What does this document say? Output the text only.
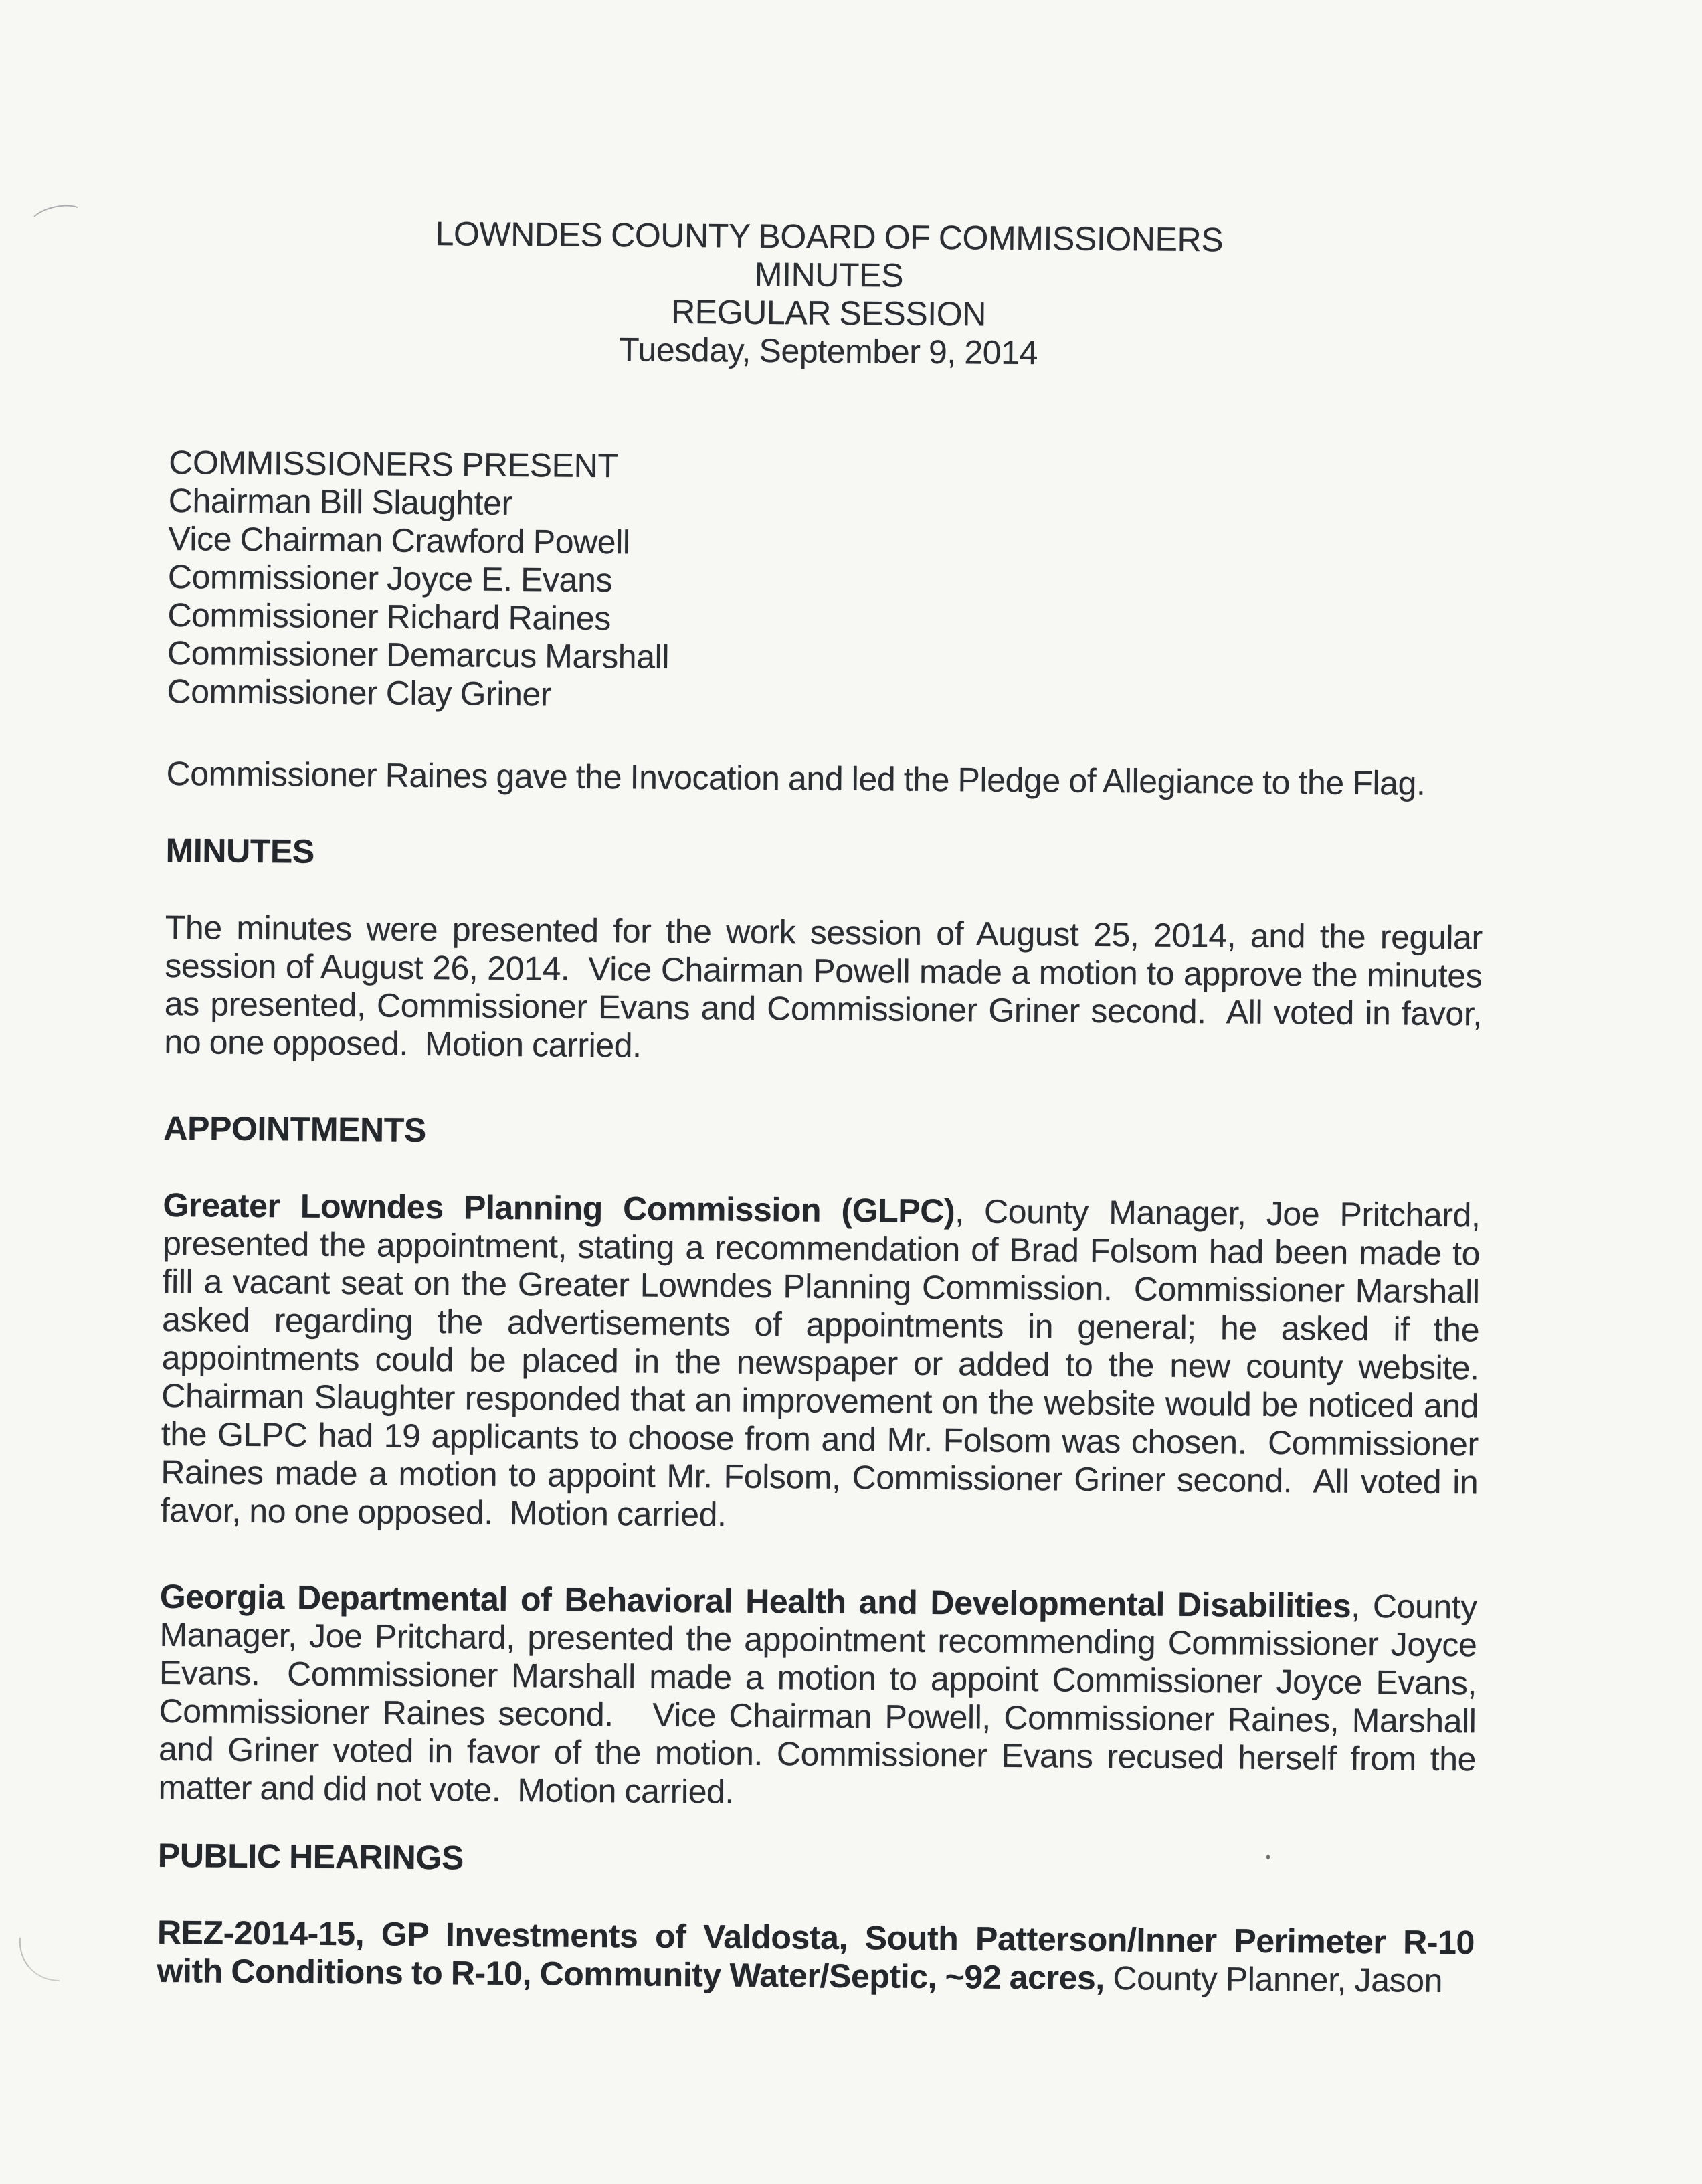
LOWNDES COUNTY BOARD OF COMMISSIONERS
MINUTES
REGULAR SESSION
Tuesday, September 9, 2014
COMMISSIONERS PRESENT
Chairman Bill Slaughter
Vice Chairman Crawford Powell
Commissioner Joyce E. Evans
Commissioner Richard Raines
Commissioner Demarcus Marshall
Commissioner Clay Griner

Commissioner Raines gave the Invocation and led the Pledge of Allegiance to the Flag.

MINUTES

The minutes were presented for the work session of August 25, 2014, and the regular session of August 26, 2014.  Vice Chairman Powell made a motion to approve the minutes as presented, Commissioner Evans and Commissioner Griner second.  All voted in favor, no one opposed.  Motion carried.

APPOINTMENTS

Greater Lowndes Planning Commission (GLPC), County Manager, Joe Pritchard, presented the appointment, stating a recommendation of Brad Folsom had been made to fill a vacant seat on the Greater Lowndes Planning Commission.  Commissioner Marshall asked regarding the advertisements of appointments in general; he asked if the appointments could be placed in the newspaper or added to the new county website.  Chairman Slaughter responded that an improvement on the website would be noticed and the GLPC had 19 applicants to choose from and Mr. Folsom was chosen.  Commissioner Raines made a motion to appoint Mr. Folsom, Commissioner Griner second.  All voted in favor, no one opposed.  Motion carried.

Georgia Departmental of Behavioral Health and Developmental Disabilities, County Manager, Joe Pritchard, presented the appointment recommending Commissioner Joyce Evans.  Commissioner Marshall made a motion to appoint Commissioner Joyce Evans, Commissioner Raines second.   Vice Chairman Powell, Commissioner Raines, Marshall and Griner voted in favor of the motion. Commissioner Evans recused herself from the matter and did not vote.  Motion carried.

PUBLIC HEARINGS

REZ-2014-15, GP Investments of Valdosta, South Patterson/Inner Perimeter R-10 with Conditions to R-10, Community Water/Septic, ~92 acres, County Planner, Jason
